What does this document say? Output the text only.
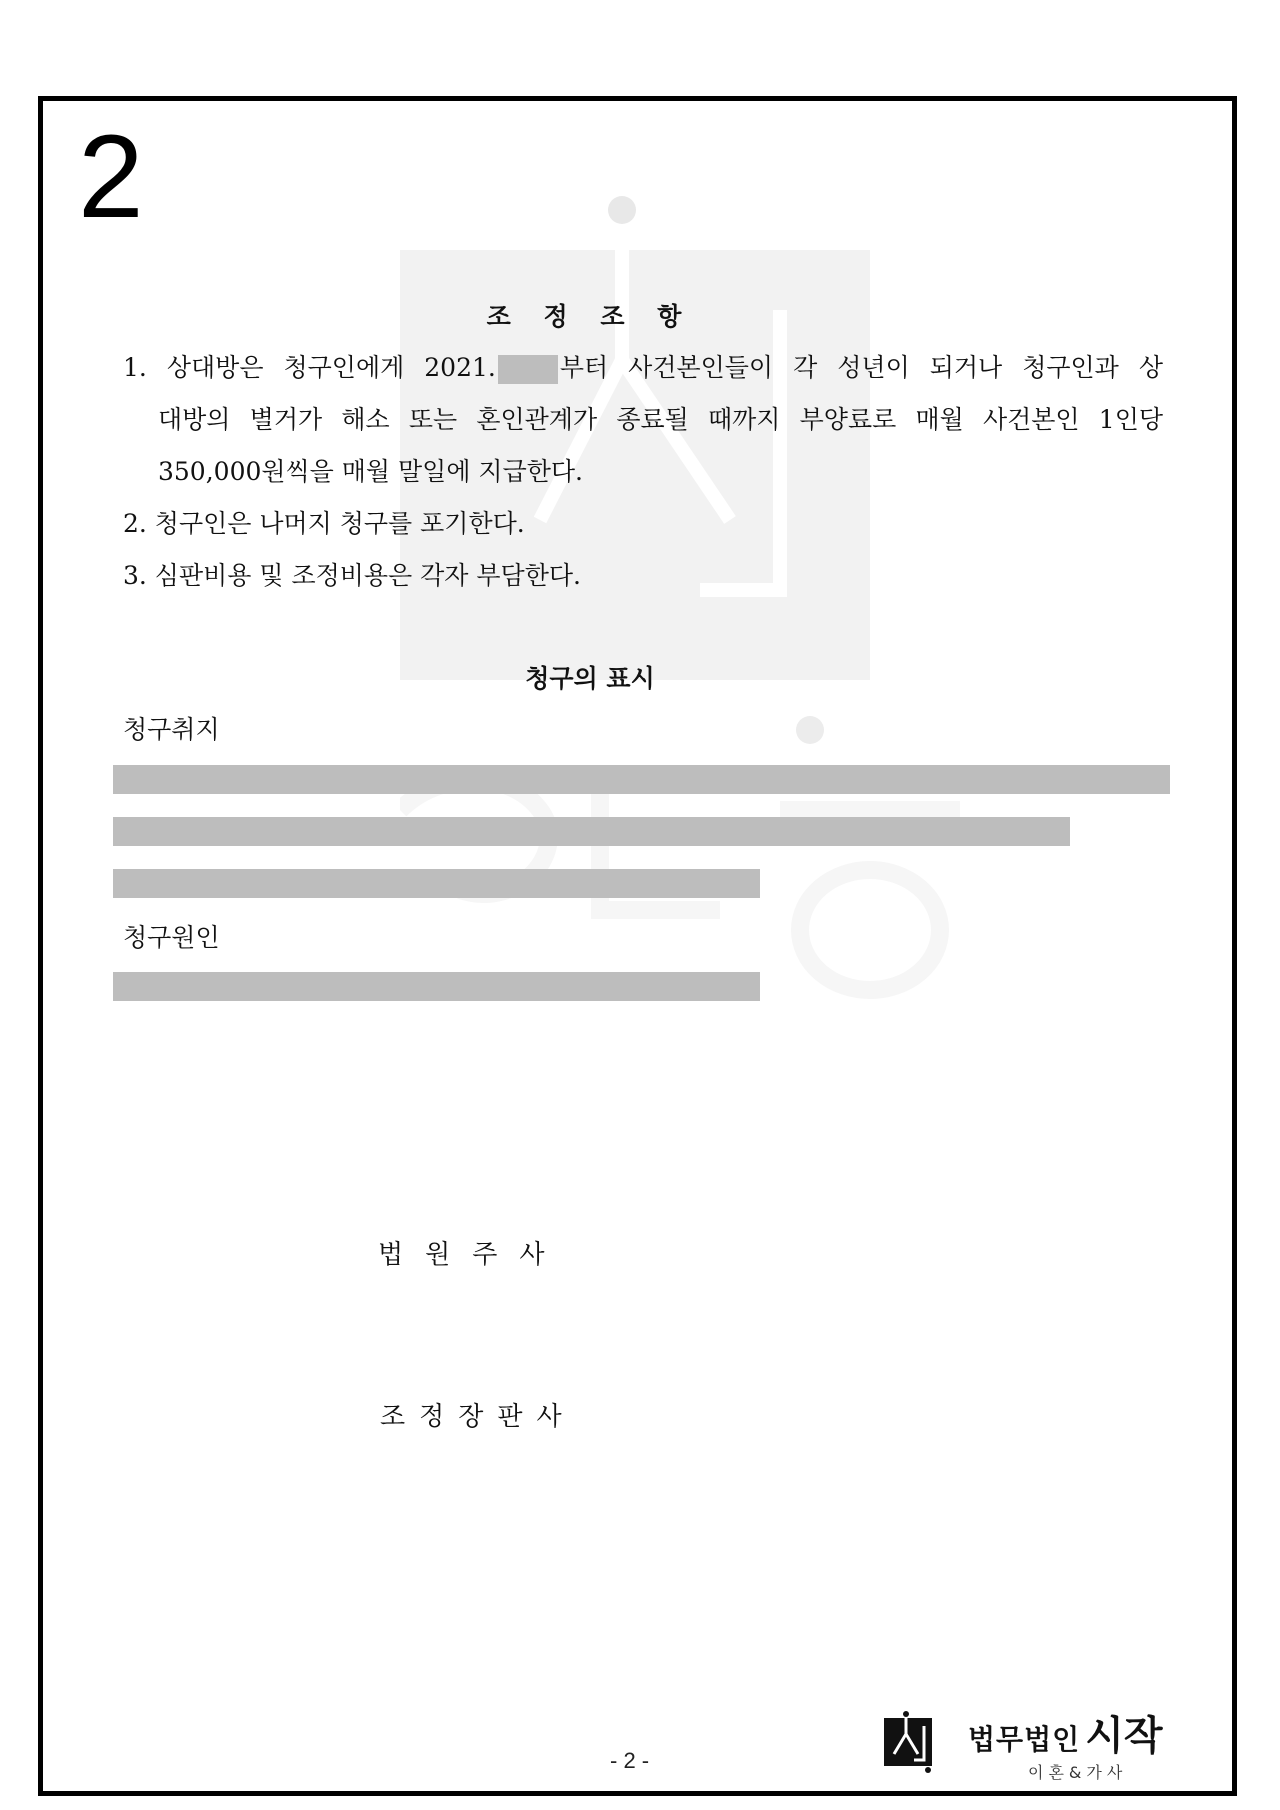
2
조 정 조 항
1. 상대방은 청구인에게 2021.	부터 사건본인들이 각 성년이 되거나 청구인과 상
대방의 별거가 해소 또는 혼인관계가 종료될 때까지 부양료로 매월 사건본인 1인당
350,000원씩을 매월 말일에 지급한다.
2. 청구인은 나머지 청구를 포기한다.
3. 심판비용 및 조정비용은 각자 부담한다.
청구의 표시
청구취지
청구원인
법원주사
조정장판사
- 2 -
법무법인 시작
이혼&가사
